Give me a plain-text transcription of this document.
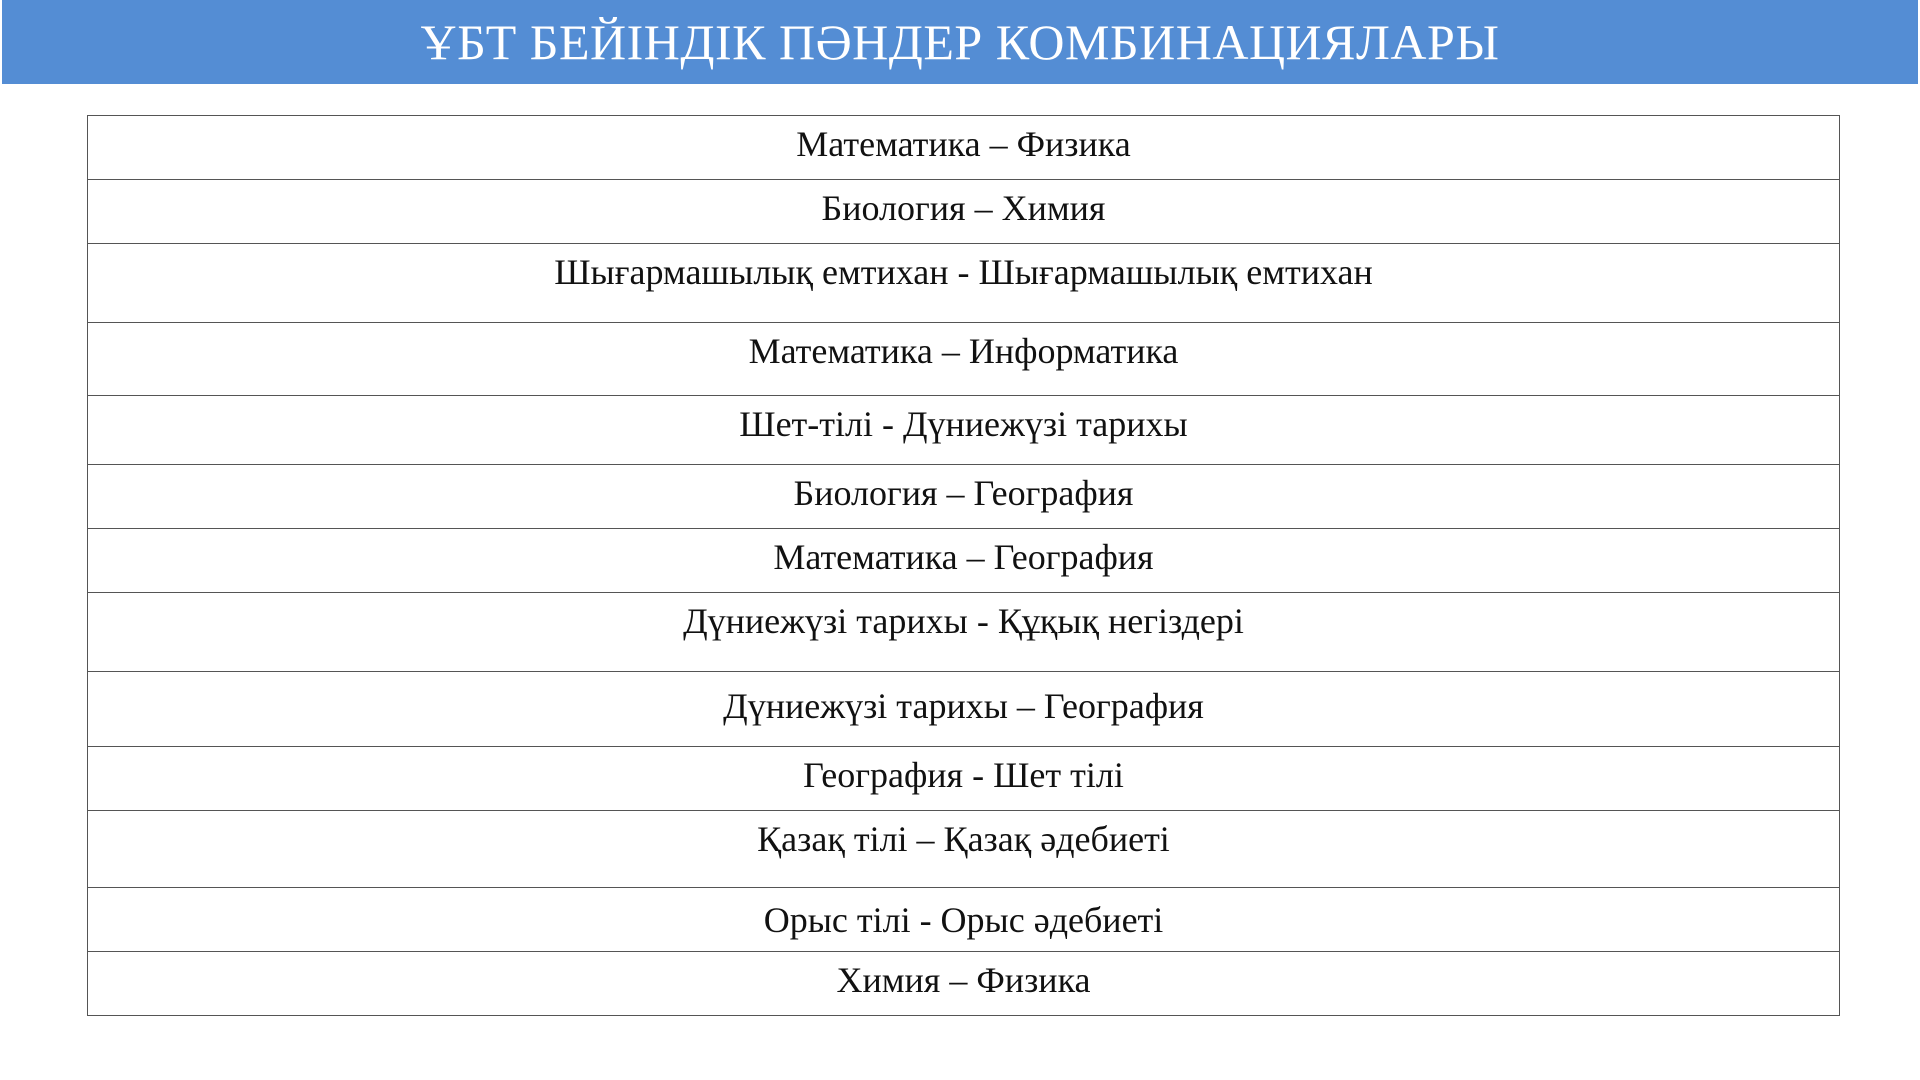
ҰБТ БЕЙІНДІК ПӘНДЕР КОМБИНАЦИЯЛАРЫ
Математика – Физика
Биология – Химия
Шығармашылық емтихан - Шығармашылық емтихан
Математика – Информатика
Шет-тілі - Дүниежүзі тарихы
Биология – География
Математика – География
Дүниежүзі тарихы - Құқық негіздері
Дүниежүзі тарихы – География
География - Шет тілі
Қазақ тілі – Қазақ әдебиеті
Орыс тілі - Орыс әдебиеті
Химия – Физика
